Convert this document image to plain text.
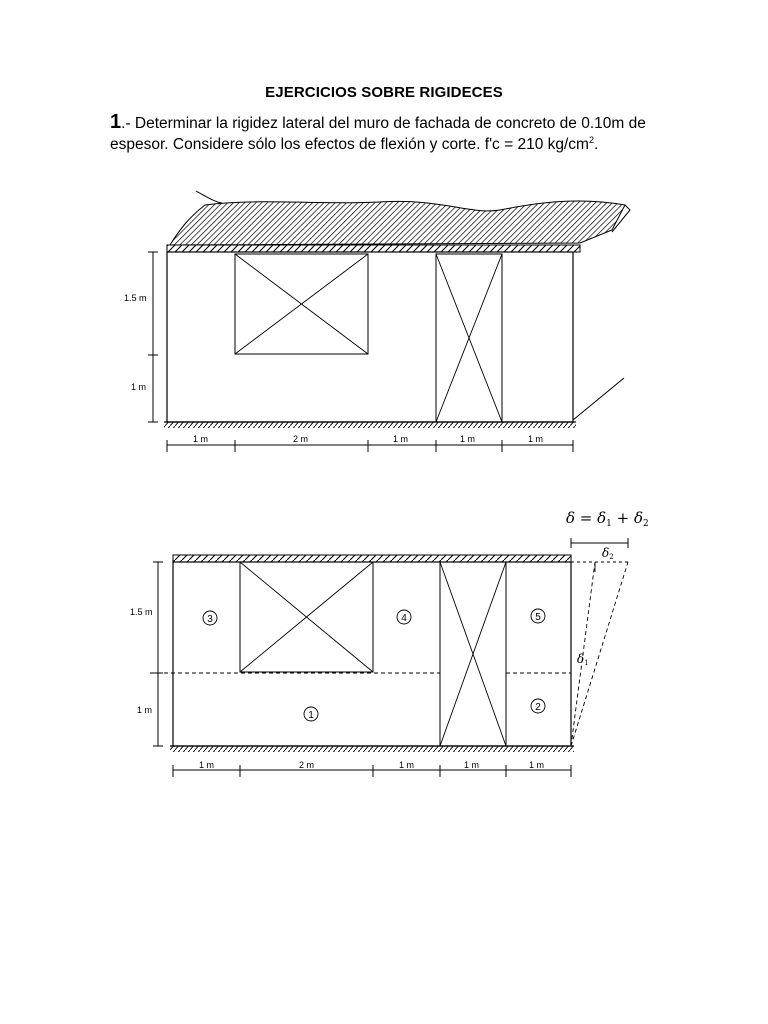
EJERCICIOS SOBRE RIGIDECES
1.- Determinar la rigidez lateral del muro de fachada de concreto de 0.10m de espesor. Considere sólo los efectos de flexión y corte. f'c = 210 $kg/cm^2$.
1.5 m
1 m
1 m	2 m	1 m	1 m	1 m
3	4	5
1
2
1.5 m
1 m
1 m	2 m	1 m	1 m	1 m
$\delta = \delta_1 + \delta_2$
δ2
δ1
